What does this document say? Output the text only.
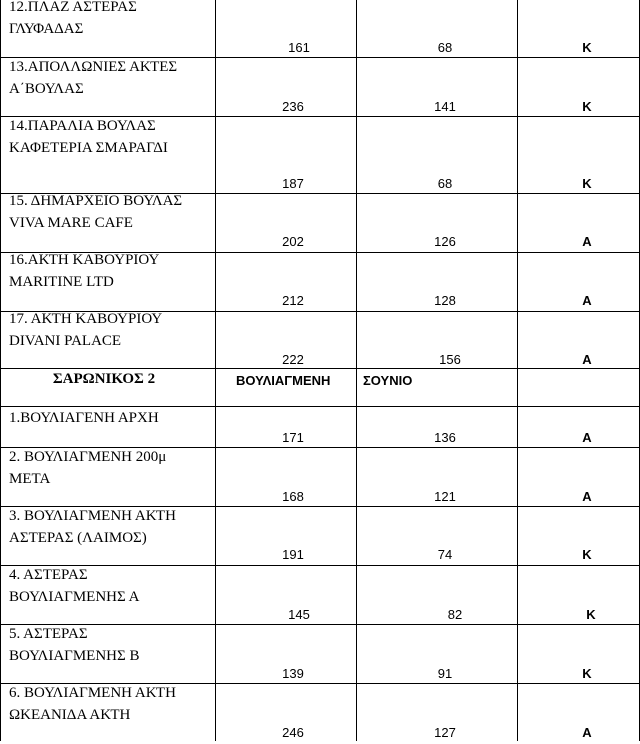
12.ΠΛΑΖ ΑΣΤΕΡΑΣ
ΓΛΥΦΑΔΑΣ
161	68	Κ
13.ΑΠΟΛΛΩΝΙΕΣ ΑΚΤΕΣ
Α΄ΒΟΥΛΑΣ
236	141	Κ
14.ΠΑΡΑΛΙΑ ΒΟΥΛΑΣ
ΚΑΦΕΤΕΡΙΑ ΣΜΑΡΑΓΔΙ
187	68	Κ
15. ΔΗΜΑΡΧΕΙΟ ΒΟΥΛΑΣ
VIVA MARE CAFE
202	126	Α
16.ΑΚΤΗ ΚΑΒΟΥΡΙΟΥ
MARITINE LTD
212	128	Α
17. ΑΚΤΗ ΚΑΒΟΥΡΙΟΥ
DIVANI PALACE
222	156	Α
ΣΑΡΩΝΙΚΟΣ 2	ΒΟΥΛΙΑΓΜΕΝΗ	ΣΟΥΝΙΟ
1.ΒΟΥΛΙΑΓΕΝΗ ΑΡΧΗ
171	136	Α
2. ΒΟΥΛΙΑΓΜΕΝΗ 200μ
ΜΕΤΑ
168	121	Α
3. ΒΟΥΛΙΑΓΜΕΝΗ ΑΚΤΗ
ΑΣΤΕΡΑΣ (ΛΑΙΜΟΣ)
191	74	Κ
4. ΑΣΤΕΡΑΣ
ΒΟΥΛΙΑΓΜΕΝΗΣ Α
145	82	Κ
5. ΑΣΤΕΡΑΣ
ΒΟΥΛΙΑΓΜΕΝΗΣ Β
139	91	Κ
6. ΒΟΥΛΙΑΓΜΕΝΗ ΑΚΤΗ
ΩΚΕΑΝΙΔΑ ΑΚΤΗ
246	127	Α
